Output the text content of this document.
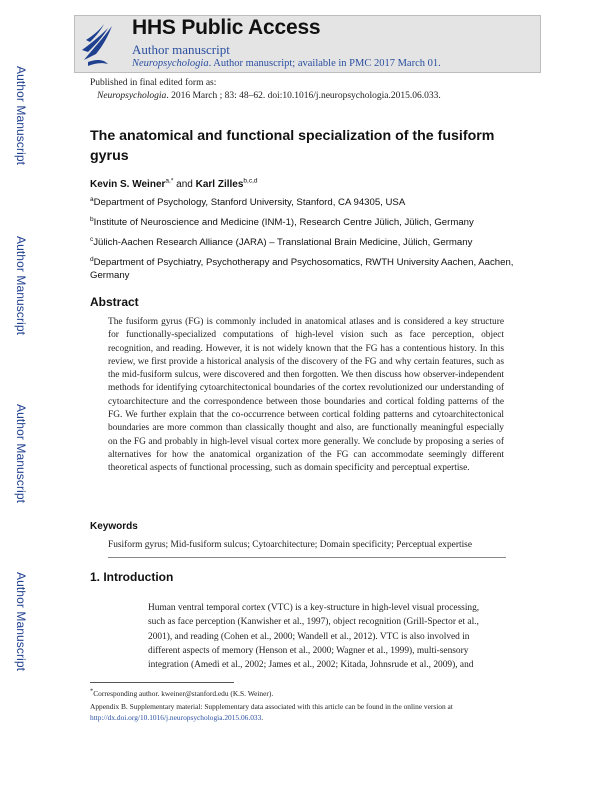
HHS Public Access
Author manuscript
Neuropsychologia. Author manuscript; available in PMC 2017 March 01.
Author Manuscript
Author Manuscript
Author Manuscript
Author Manuscript
Published in final edited form as:
Neuropsychologia. 2016 March ; 83: 48–62. doi:10.1016/j.neuropsychologia.2015.06.033.
The anatomical and functional specialization of the fusiform gyrus
Kevin S. Weiner$^{a,*}$ and Karl Zilles$^{b,c,d}$
$^a$Department of Psychology, Stanford University, Stanford, CA 94305, USA
$^b$Institute of Neuroscience and Medicine (INM-1), Research Centre Jülich, Jülich, Germany
$^c$Jülich-Aachen Research Alliance (JARA) – Translational Brain Medicine, Jülich, Germany
$^d$Department of Psychiatry, Psychotherapy and Psychosomatics, RWTH University Aachen, Aachen, Germany
Abstract
The fusiform gyrus (FG) is commonly included in anatomical atlases and is considered a key structure for functionally-specialized computations of high-level vision such as face perception, object recognition, and reading. However, it is not widely known that the FG has a contentious history. In this review, we first provide a historical analysis of the discovery of the FG and why certain features, such as the mid-fusiform sulcus, were discovered and then forgotten. We then discuss how observer-independent methods for identifying cytoarchitectonical boundaries of the cortex revolutionized our understanding of cytoarchitecture and the correspondence between those boundaries and cortical folding patterns of the FG. We further explain that the co-occurrence between cortical folding patterns and cytoarchitectonical boundaries are more common than classically thought and also, are functionally meaningful especially on the FG and probably in high-level visual cortex more generally. We conclude by proposing a series of alternatives for how the anatomical organization of the FG can accommodate seemingly different theoretical aspects of functional processing, such as domain specificity and perceptual expertise.
Keywords
Fusiform gyrus; Mid-fusiform sulcus; Cytoarchitecture; Domain specificity; Perceptual expertise
1. Introduction
Human ventral temporal cortex (VTC) is a key-structure in high-level visual processing,
such as face perception (Kanwisher et al., 1997), object recognition (Grill-Spector et al.,
2001), and reading (Cohen et al., 2000; Wandell et al., 2012). VTC is also involved in
different aspects of memory (Henson et al., 2000; Wagner et al., 1999), multi-sensory
integration (Amedi et al., 2002; James et al., 2002; Kitada, Johnsrude et al., 2009), and
*Corresponding author. kweiner@stanford.edu (K.S. Weiner).
Appendix B. Supplementary material: Supplementary data associated with this article can be found in the online version at http://dx.doi.org/10.1016/j.neuropsychologia.2015.06.033.
